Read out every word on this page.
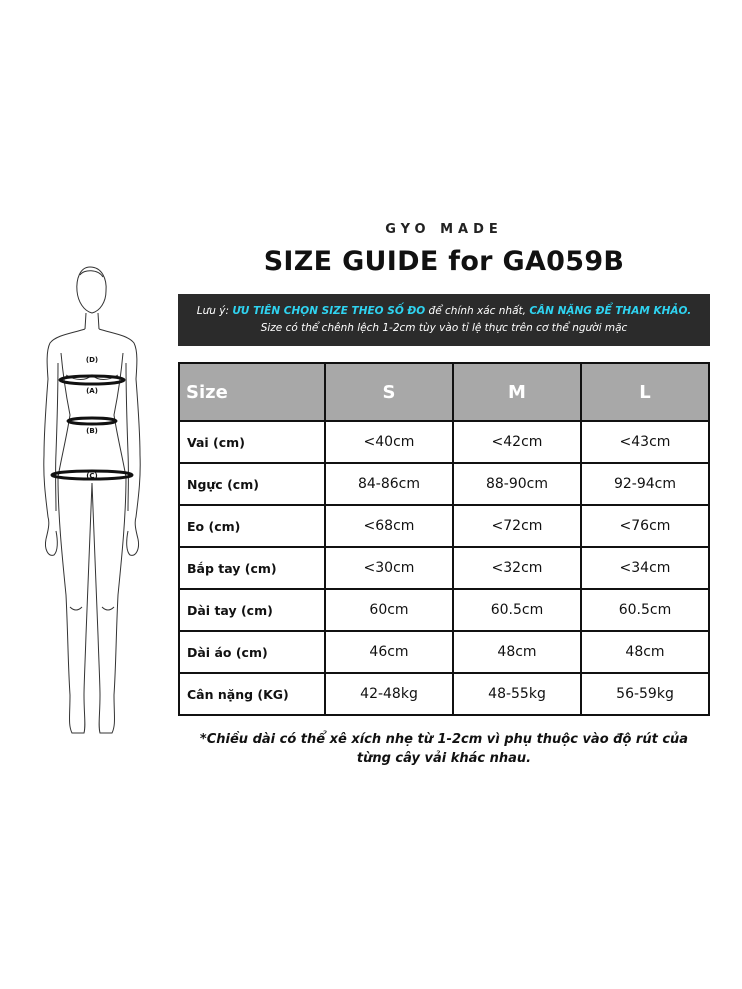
(D)
(A)
(B)
(C)
GYO MADE
SIZE GUIDE for GA059B
Lưu ý: ƯU TIÊN CHỌN SIZE THEO SỐ ĐO để chính xác nhất, CÂN NẶNG ĐỂ THAM KHẢO.
Size có thể chênh lệch 1-2cm tùy vào tỉ lệ thực trên cơ thể người mặc
Size	S	M	L
Vai (cm)	<40cm	<42cm	<43cm
Ngực (cm)	84-86cm	88-90cm	92-94cm
Eo (cm)	<68cm	<72cm	<76cm
Bắp tay (cm)	<30cm	<32cm	<34cm
Dài tay (cm)	60cm	60.5cm	60.5cm
Dài áo (cm)	46cm	48cm	48cm
Cân nặng (KG)	42-48kg	48-55kg	56-59kg
*Chiều dài có thể xê xích nhẹ từ 1-2cm vì phụ thuộc vào độ rút của
từng cây vải khác nhau.
